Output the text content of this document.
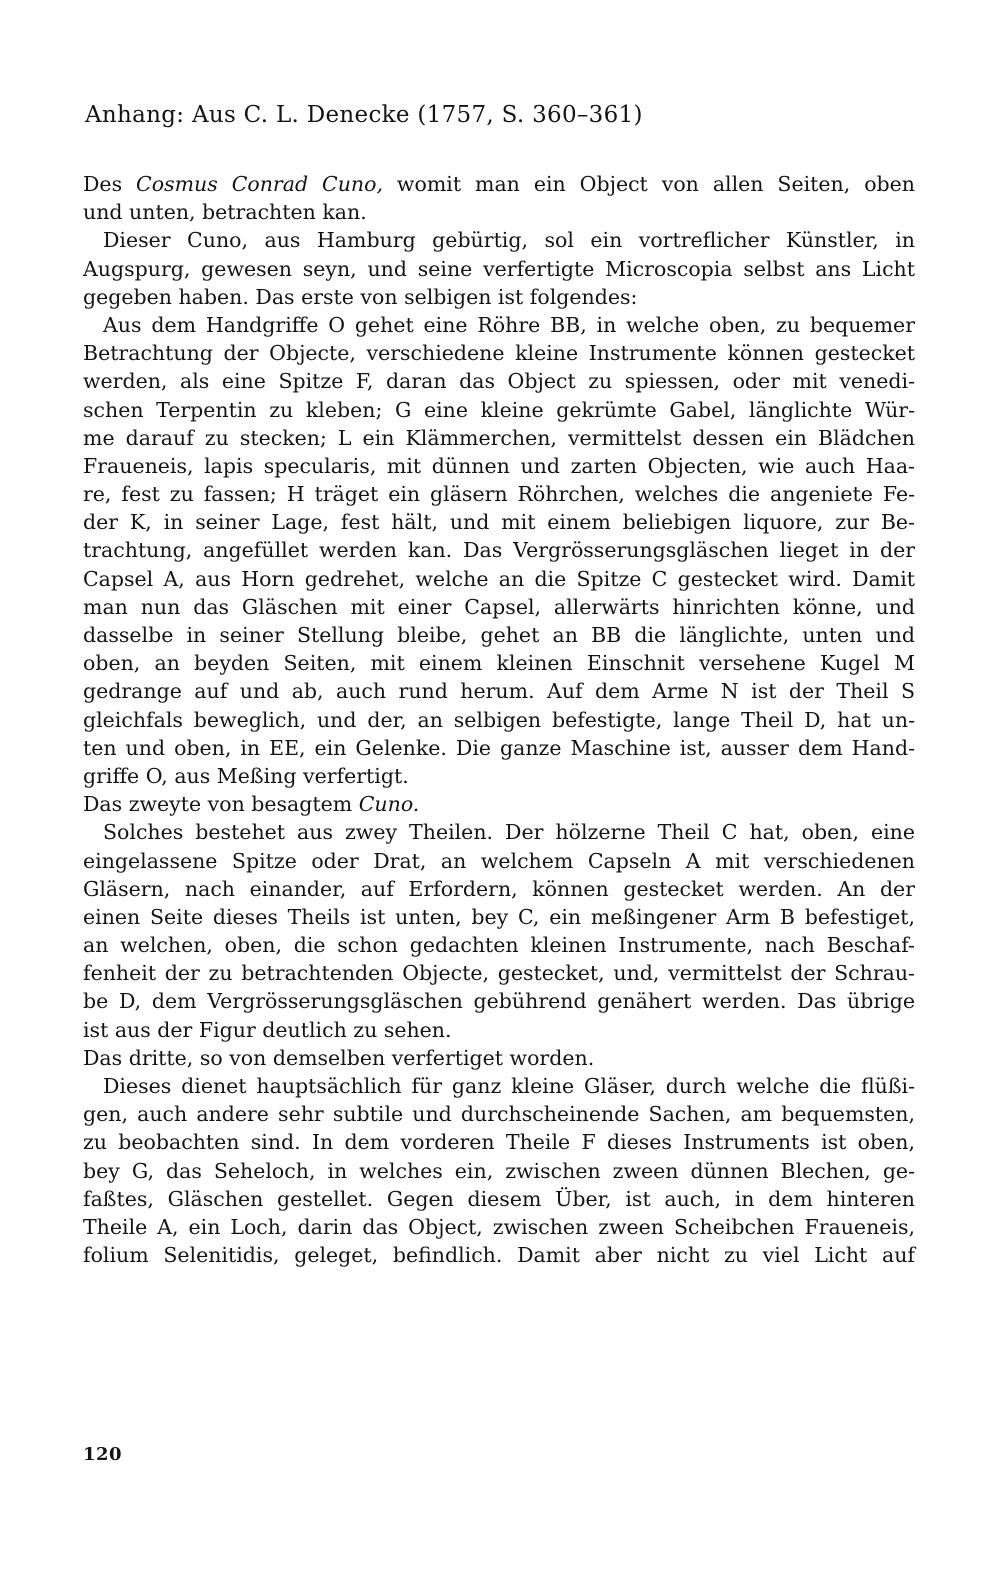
Anhang: Aus C. L. Denecke (1757, S. 360–361)
Des Cosmus Conrad Cuno, womit man ein Object von allen Seiten, oben
und unten, betrachten kan.
Dieser Cuno, aus Hamburg gebürtig, sol ein vortreflicher Künstler, in
Augspurg, gewesen seyn, und seine verfertigte Microscopia selbst ans Licht
gegeben haben. Das erste von selbigen ist folgendes:
Aus dem Handgriffe O gehet eine Röhre BB, in welche oben, zu bequemer
Betrachtung der Objecte, verschiedene kleine Instrumente können gestecket
werden, als eine Spitze F, daran das Object zu spiessen, oder mit venedi-
schen Terpentin zu kleben; G eine kleine gekrümte Gabel, länglichte Wür-
me darauf zu stecken; L ein Klämmerchen, vermittelst dessen ein Blädchen
Fraueneis, lapis specularis, mit dünnen und zarten Objecten, wie auch Haa-
re, fest zu fassen; H träget ein gläsern Röhrchen, welches die angeniete Fe-
der K, in seiner Lage, fest hält, und mit einem beliebigen liquore, zur Be-
trachtung, angefüllet werden kan. Das Vergrösserungsgläschen lieget in der
Capsel A, aus Horn gedrehet, welche an die Spitze C gestecket wird. Damit
man nun das Gläschen mit einer Capsel, allerwärts hinrichten könne, und
dasselbe in seiner Stellung bleibe, gehet an BB die länglichte, unten und
oben, an beyden Seiten, mit einem kleinen Einschnit versehene Kugel M
gedrange auf und ab, auch rund herum. Auf dem Arme N ist der Theil S
gleichfals beweglich, und der, an selbigen befestigte, lange Theil D, hat un-
ten und oben, in EE, ein Gelenke. Die ganze Maschine ist, ausser dem Hand-
griffe O, aus Meßing verfertigt.
Das zweyte von besagtem Cuno.
Solches bestehet aus zwey Theilen. Der hölzerne Theil C hat, oben, eine
eingelassene Spitze oder Drat, an welchem Capseln A mit verschiedenen
Gläsern, nach einander, auf Erfordern, können gestecket werden. An der
einen Seite dieses Theils ist unten, bey C, ein meßingener Arm B befestiget,
an welchen, oben, die schon gedachten kleinen Instrumente, nach Beschaf-
fenheit der zu betrachtenden Objecte, gestecket, und, vermittelst der Schrau-
be D, dem Vergrösserungsgläschen gebührend genähert werden. Das übrige
ist aus der Figur deutlich zu sehen.
Das dritte, so von demselben verfertiget worden.
Dieses dienet hauptsächlich für ganz kleine Gläser, durch welche die flüßi-
gen, auch andere sehr subtile und durchscheinende Sachen, am bequemsten,
zu beobachten sind. In dem vorderen Theile F dieses Instruments ist oben,
bey G, das Seheloch, in welches ein, zwischen zween dünnen Blechen, ge-
faßtes, Gläschen gestellet. Gegen diesem Über, ist auch, in dem hinteren
Theile A, ein Loch, darin das Object, zwischen zween Scheibchen Fraueneis,
folium Selenitidis, geleget, befindlich. Damit aber nicht zu viel Licht auf
120
